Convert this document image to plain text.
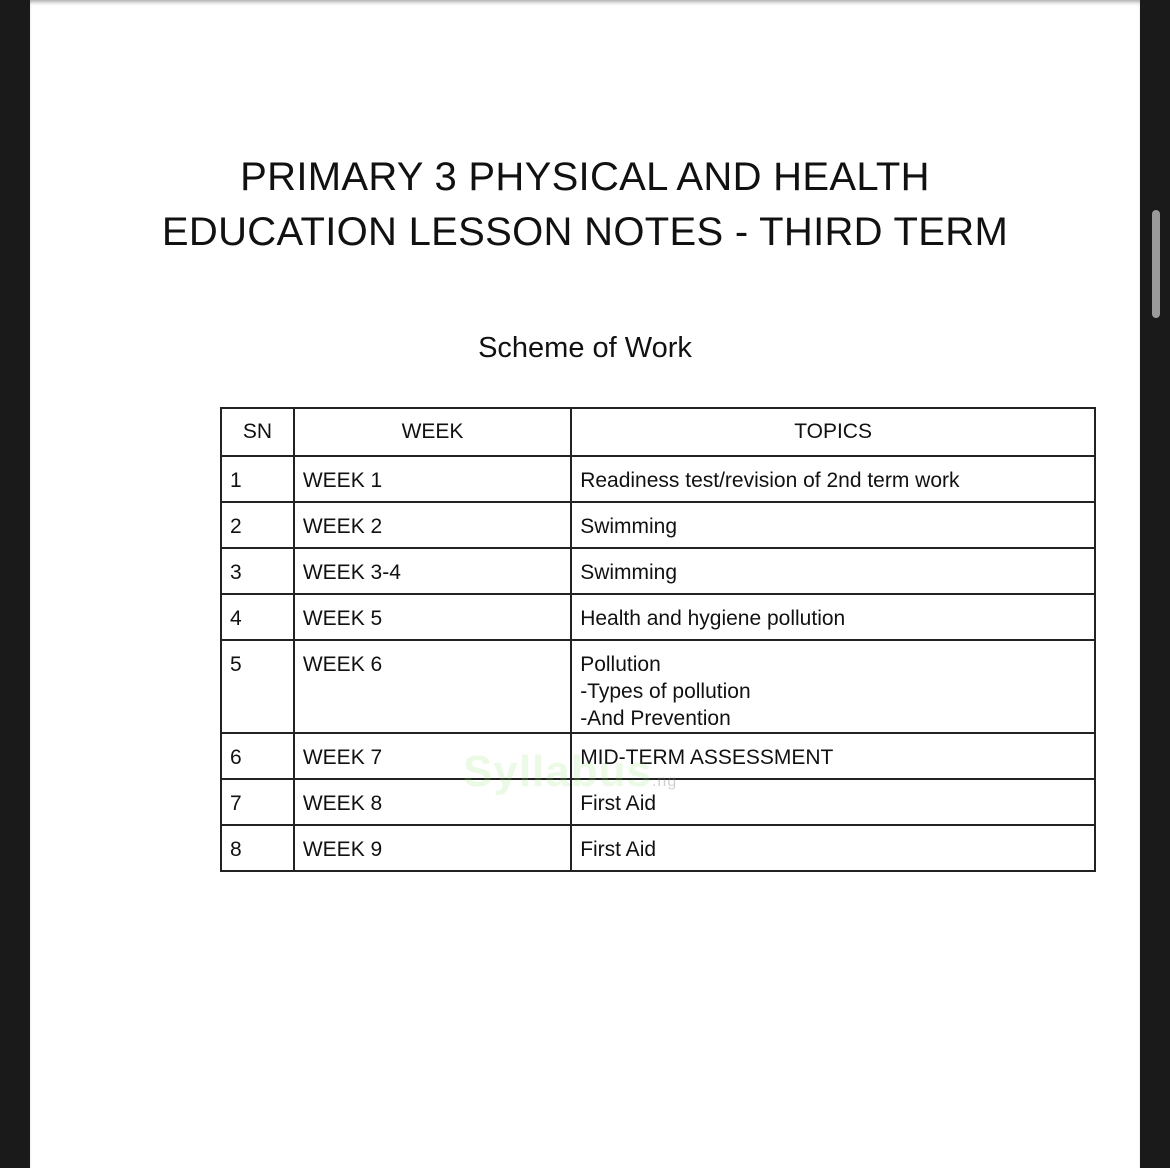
PRIMARY 3 PHYSICAL AND HEALTH
EDUCATION LESSON NOTES - THIRD TERM
Scheme of Work
SN	WEEK	TOPICS
1	WEEK 1	Readiness test/revision of 2nd term work
2	WEEK 2	Swimming
3	WEEK 3-4	Swimming
4	WEEK 5	Health and hygiene pollution
5	WEEK 6	Pollution
-Types of pollution
-And Prevention

6	WEEK 7	MID-TERM ASSESSMENT
7	WEEK 8	First Aid
8	WEEK 9	First Aid
Syllabus.ng
